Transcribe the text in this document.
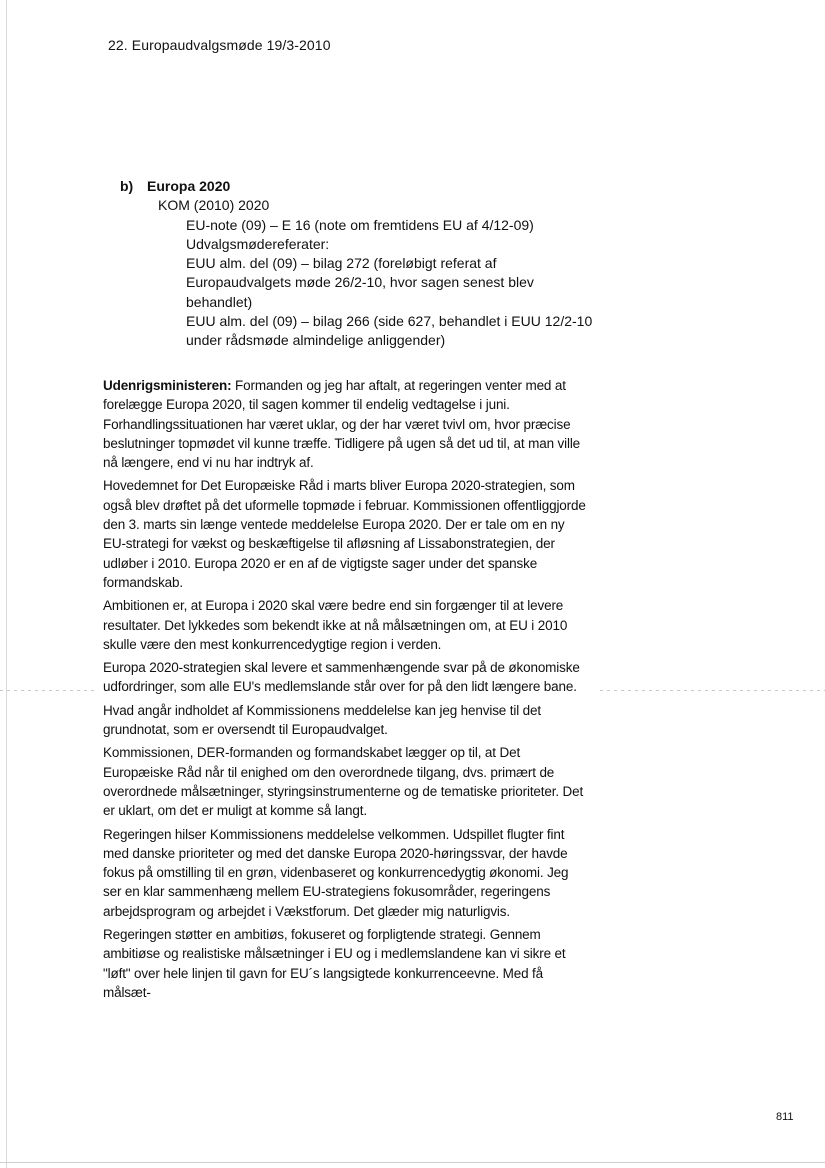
22. Europaudvalgsmøde 19/3-2010

b) Europa 2020

KOM (2010) 2020

EU-note (09) – E 16 (note om fremtidens EU af 4/12-09)
Udvalgsmødereferater:
EUU alm. del (09) – bilag 272 (foreløbigt referat af Europaudvalgets møde 26/2-10, hvor sagen senest blev behandlet)
EUU alm. del (09) – bilag 266 (side 627, behandlet i EUU 12/2-10 under rådsmøde almindelige anliggender)

Udenrigsministeren: Formanden og jeg har aftalt, at regeringen venter med at forelægge Europa 2020, til sagen kommer til endelig vedtagelse i juni. Forhandlingssituationen har været uklar, og der har været tvivl om, hvor præcise beslutninger topmødet vil kunne træffe. Tidligere på ugen så det ud til, at man ville nå længere, end vi nu har indtryk af.

Hovedemnet for Det Europæiske Råd i marts bliver Europa 2020-strategien, som også blev drøftet på det uformelle topmøde i februar. Kommissionen offentliggjorde den 3. marts sin længe ventede meddelelse Europa 2020. Der er tale om en ny EU-strategi for vækst og beskæftigelse til afløsning af Lissabonstrategien, der udløber i 2010. Europa 2020 er en af de vigtigste sager under det spanske formandskab.

Ambitionen er, at Europa i 2020 skal være bedre end sin forgænger til at levere resultater. Det lykkedes som bekendt ikke at nå målsætningen om, at EU i 2010 skulle være den mest konkurrencedygtige region i verden.

Europa 2020-strategien skal levere et sammenhængende svar på de økonomiske udfordringer, som alle EU's medlemslande står over for på den lidt længere bane.

Hvad angår indholdet af Kommissionens meddelelse kan jeg henvise til det grundnotat, som er oversendt til Europaudvalget.

Kommissionen, DER-formanden og formandskabet lægger op til, at Det Europæiske Råd når til enighed om den overordnede tilgang, dvs. primært de overordnede målsætninger, styringsinstrumenterne og de tematiske prioriteter. Det er uklart, om det er muligt at komme så langt.

Regeringen hilser Kommissionens meddelelse velkommen. Udspillet flugter fint med danske prioriteter og med det danske Europa 2020-høringssvar, der havde fokus på omstilling til en grøn, videnbaseret og konkurrencedygtig økonomi. Jeg ser en klar sammenhæng mellem EU-strategiens fokusområder, regeringens arbejdsprogram og arbejdet i Vækstforum. Det glæder mig naturligvis.

Regeringen støtter en ambitiøs, fokuseret og forpligtende strategi. Gennem ambitiøse og realistiske målsætninger i EU og i medlemslandene kan vi sikre et "løft" over hele linjen til gavn for EU´s langsigtede konkurrenceevne. Med få målsæt-

811
